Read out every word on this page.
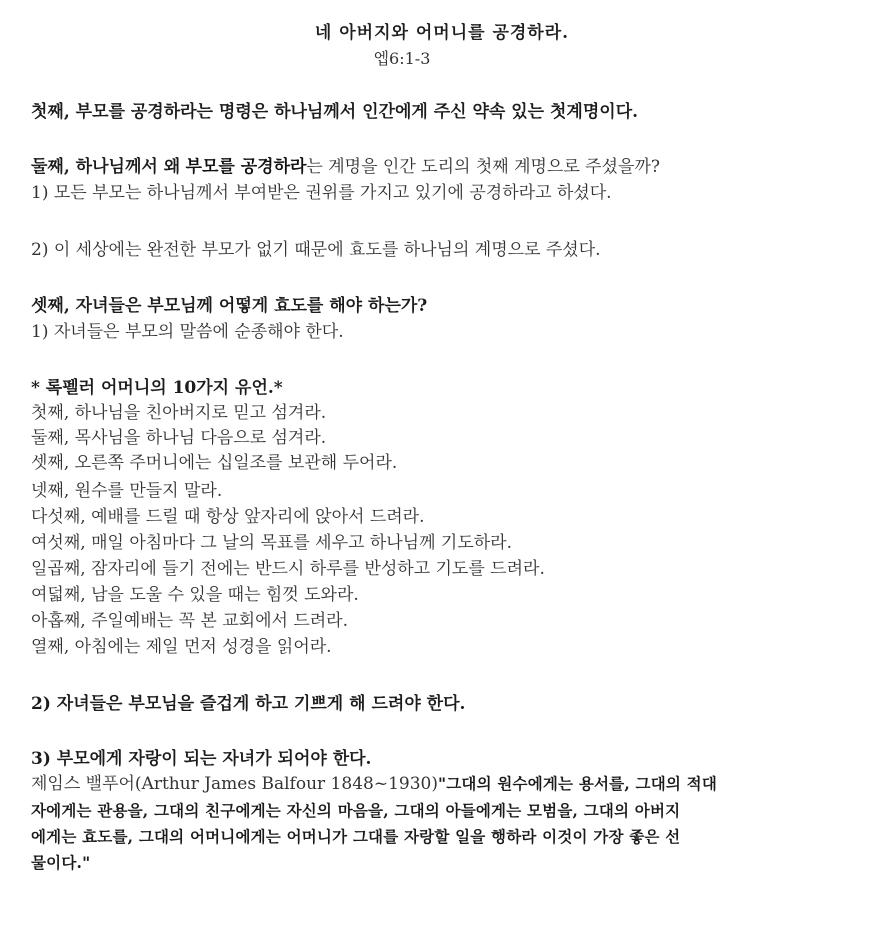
네 아버지와 어머니를 공경하라.
엡6:1-3
첫째, 부모를 공경하라는 명령은 하나님께서 인간에게 주신 약속 있는 첫계명이다.
둘째, 하나님께서 왜 부모를 공경하라는 계명을 인간 도리의 첫째 계명으로 주셨을까?
1) 모든 부모는 하나님께서 부여받은 권위를 가지고 있기에 공경하라고 하셨다.
2) 이 세상에는 완전한 부모가 없기 때문에 효도를 하나님의 계명으로 주셨다.
셋째, 자녀들은 부모님께 어떻게 효도를 해야 하는가?
1) 자녀들은 부모의 말씀에 순종해야 한다.
* 록펠러 어머니의 10가지 유언.*
첫째, 하나님을 친아버지로 믿고 섬겨라.
둘째, 목사님을 하나님 다음으로 섬겨라.
셋째, 오른쪽 주머니에는 십일조를 보관해 두어라.
넷째, 원수를 만들지 말라.
다섯째, 예배를 드릴 때 항상 앞자리에 앉아서 드려라.
여섯째, 매일 아침마다 그 날의 목표를 세우고 하나님께 기도하라.
일곱째, 잠자리에 들기 전에는 반드시 하루를 반성하고 기도를 드려라.
여덟째, 남을 도울 수 있을 때는 힘껏 도와라.
아홉째, 주일예배는 꼭 본 교회에서 드려라.
열째, 아침에는 제일 먼저 성경을 읽어라.
2) 자녀들은 부모님을 즐겁게 하고 기쁘게 해 드려야 한다.
3) 부모에게 자랑이 되는 자녀가 되어야 한다.
제임스 밸푸어(Arthur James Balfour 1848~1930)"그대의 원수에게는 용서를, 그대의 적대
자에게는 관용을, 그대의 친구에게는 자신의 마음을, 그대의 아들에게는 모범을, 그대의 아버지
에게는 효도를, 그대의 어머니에게는 어머니가 그대를 자랑할 일을 행하라 이것이 가장 좋은 선
물이다."
